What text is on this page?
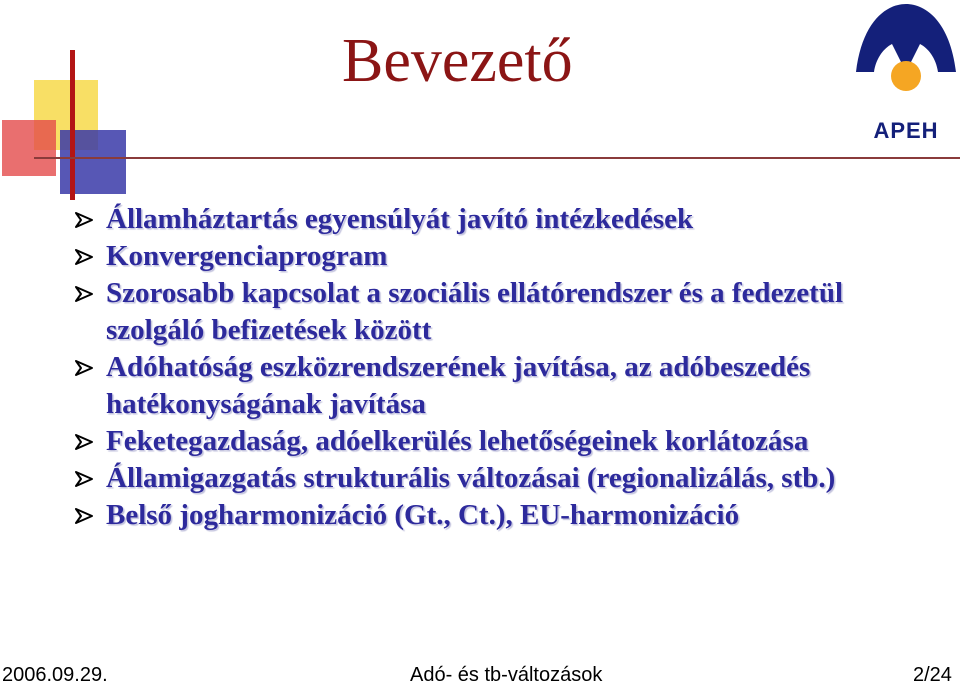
Bevezető
APEH
Államháztartás egyensúlyát javító intézkedések
Konvergenciaprogram
Szorosabb kapcsolat a szociális ellátórendszer és a fedezetül szolgáló befizetések között
Adóhatóság eszközrendszerének javítása, az adóbeszedés hatékonyságának javítása
Feketegazdaság, adóelkerülés lehetőségeinek korlátozása
Államigazgatás strukturális változásai (regionalizálás, stb.)
Belső jogharmonizáció (Gt., Ct.), EU-harmonizáció
2006.09.29.	Adó- és tb-változások	2/24
